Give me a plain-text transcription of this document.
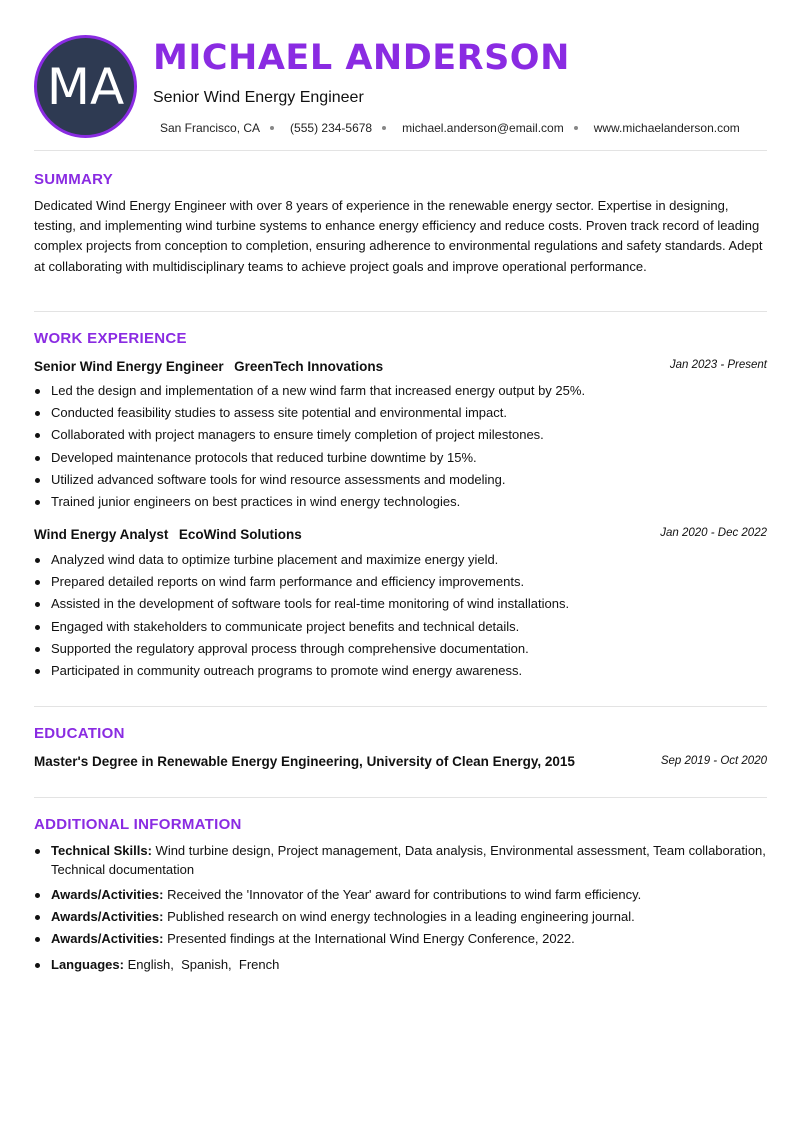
MA MICHAEL ANDERSON
Senior Wind Energy Engineer
San Francisco, CA	(555) 234-5678	michael.anderson@email.com	www.michaelanderson.com
SUMMARY
Dedicated Wind Energy Engineer with over 8 years of experience in the renewable energy sector. Expertise in designing, testing, and implementing wind turbine systems to enhance energy efficiency and reduce costs. Proven track record of leading complex projects from conception to completion, ensuring adherence to environmental regulations and safety standards. Adept at collaborating with multidisciplinary teams to achieve project goals and improve operational performance.
WORK EXPERIENCE
Senior Wind Energy Engineer GreenTech Innovations	Jan 2023 - Present
Led the design and implementation of a new wind farm that increased energy output by 25%.
Conducted feasibility studies to assess site potential and environmental impact.
Collaborated with project managers to ensure timely completion of project milestones.
Developed maintenance protocols that reduced turbine downtime by 15%.
Utilized advanced software tools for wind resource assessments and modeling.
Trained junior engineers on best practices in wind energy technologies.
Wind Energy Analyst EcoWind Solutions	Jan 2020 - Dec 2022
Analyzed wind data to optimize turbine placement and maximize energy yield.
Prepared detailed reports on wind farm performance and efficiency improvements.
Assisted in the development of software tools for real-time monitoring of wind installations.
Engaged with stakeholders to communicate project benefits and technical details.
Supported the regulatory approval process through comprehensive documentation.
Participated in community outreach programs to promote wind energy awareness.
EDUCATION
Master's Degree in Renewable Energy Engineering, University of Clean Energy, 2015	Sep 2019 - Oct 2020
ADDITIONAL INFORMATION
Technical Skills: Wind turbine design, Project management, Data analysis, Environmental assessment, Team collaboration, Technical documentation
Awards/Activities: Received the 'Innovator of the Year' award for contributions to wind farm efficiency.
Awards/Activities: Published research on wind energy technologies in a leading engineering journal.
Awards/Activities: Presented findings at the International Wind Energy Conference, 2022.
Languages: English,  Spanish,  French
